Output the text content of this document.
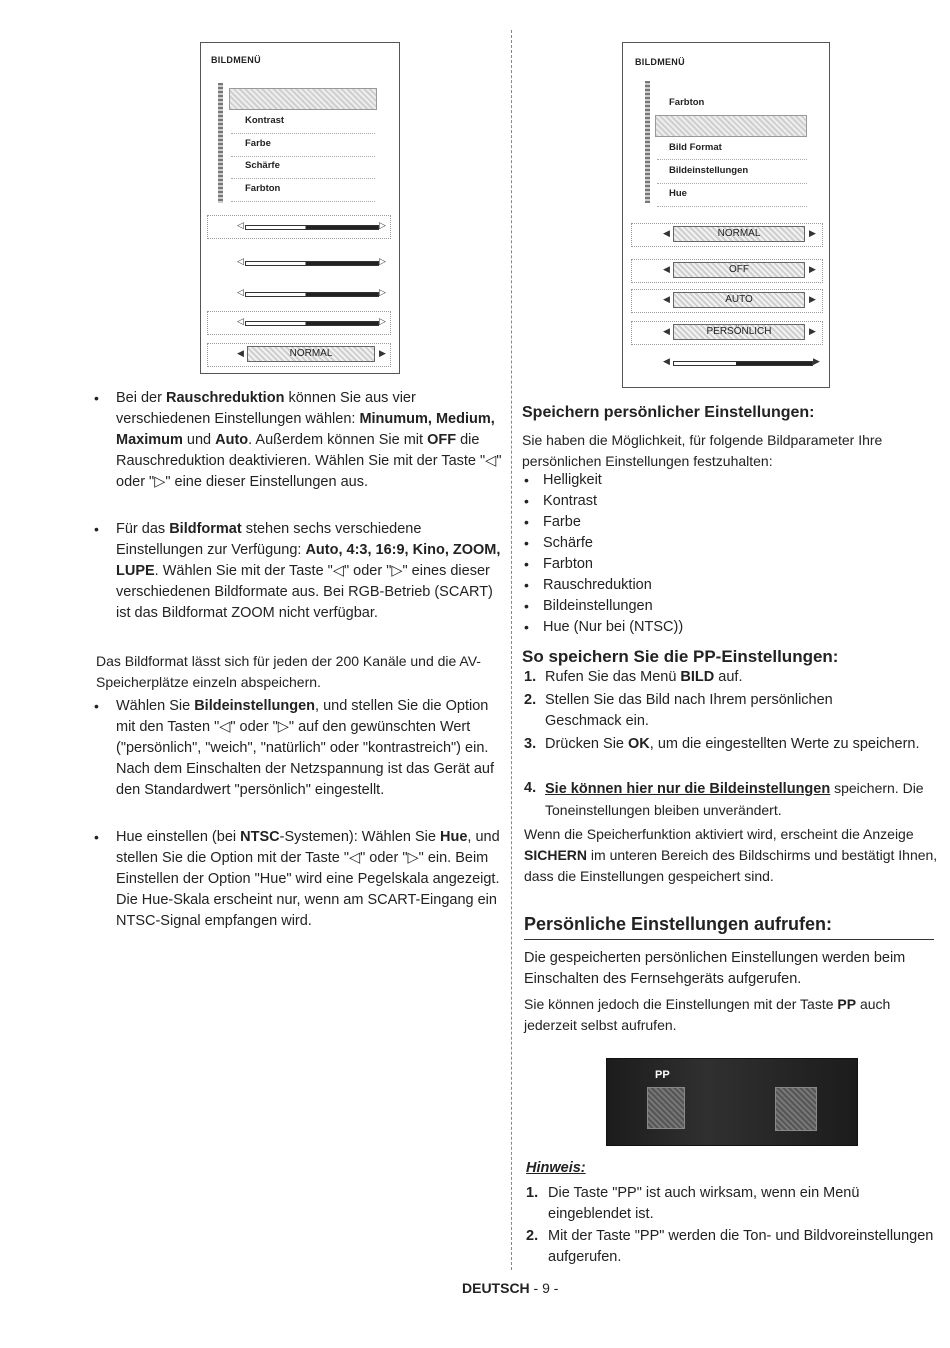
BILDMENÜ
Kontrast
Farbe
Schärfe
Farbton
◁	▷
◁	▷
◁	▷
◁	▷
◀	NORMAL	▶
BILDMENÜ
Farbton
Bild Format
Bildeinstellungen
Hue
◀	NORMAL	▶
◀	OFF	▶
◀	AUTO	▶
◀	PERSÖNLICH	▶
◀	▶
• Bei der Rauschreduktion können Sie aus vier verschiedenen Einstellungen wählen: Minumum, Medium, Maximum und Auto. Außerdem können Sie mit OFF die Rauschreduktion deaktivieren. Wählen Sie mit der Taste "◁" oder "▷" eine dieser Einstellungen aus.
• Für das Bildformat stehen sechs verschiedene Einstellungen zur Verfügung: Auto, 4:3, 16:9, Kino, ZOOM, LUPE. Wählen Sie mit der Taste "◁" oder "▷" eines dieser verschiedenen Bildformate aus. Bei RGB-Betrieb (SCART) ist das Bildformat ZOOM nicht verfügbar.
Das Bildformat lässt sich für jeden der 200 Kanäle und die AV-Speicherplätze einzeln abspeichern.
• Wählen Sie Bildeinstellungen, und stellen Sie die Option mit den Tasten "◁" oder "▷" auf den gewünschten Wert ("persönlich", "weich", "natürlich" oder "kontrastreich") ein. Nach dem Einschalten der Netzspannung ist das Gerät auf den Standardwert "persönlich" eingestellt.
• Hue einstellen (bei NTSC-Systemen): Wählen Sie Hue, und stellen Sie die Option mit der Taste "◁" oder "▷" ein. Beim Einstellen der Option "Hue" wird eine Pegelskala angezeigt. Die Hue-Skala erscheint nur, wenn am SCART-Eingang ein NTSC-Signal empfangen wird.
Speichern persönlicher Einstellungen:
Sie haben die Möglichkeit, für folgende Bildparameter Ihre persönlichen Einstellungen festzuhalten:
• Helligkeit
• Kontrast
• Farbe
• Schärfe
• Farbton
• Rauschreduktion
• Bildeinstellungen
• Hue (Nur bei (NTSC))
So speichern Sie die PP-Einstellungen:
1. Rufen Sie das Menü BILD auf.
2. Stellen Sie das Bild nach Ihrem persönlichen Geschmack ein.
3. Drücken Sie OK, um die eingestellten Werte zu speichern.
4. Sie können hier nur die Bildeinstellungen speichern. Die Toneinstellungen bleiben unverändert.
Wenn die Speicherfunktion aktiviert wird, erscheint die Anzeige SICHERN im unteren Bereich des Bildschirms und bestätigt Ihnen, dass die Einstellungen gespeichert sind.
Persönliche Einstellungen aufrufen:
Die gespeicherten persönlichen Einstellungen werden beim Einschalten des Fernsehgeräts aufgerufen.
Sie können jedoch die Einstellungen mit der Taste PP auch jederzeit selbst aufrufen.
PP
Hinweis:
1. Die Taste "PP" ist auch wirksam, wenn ein Menü eingeblendet ist.
2. Mit der Taste "PP" werden die Ton- und Bildvoreinstellungen aufgerufen.
DEUTSCH - 9 -
